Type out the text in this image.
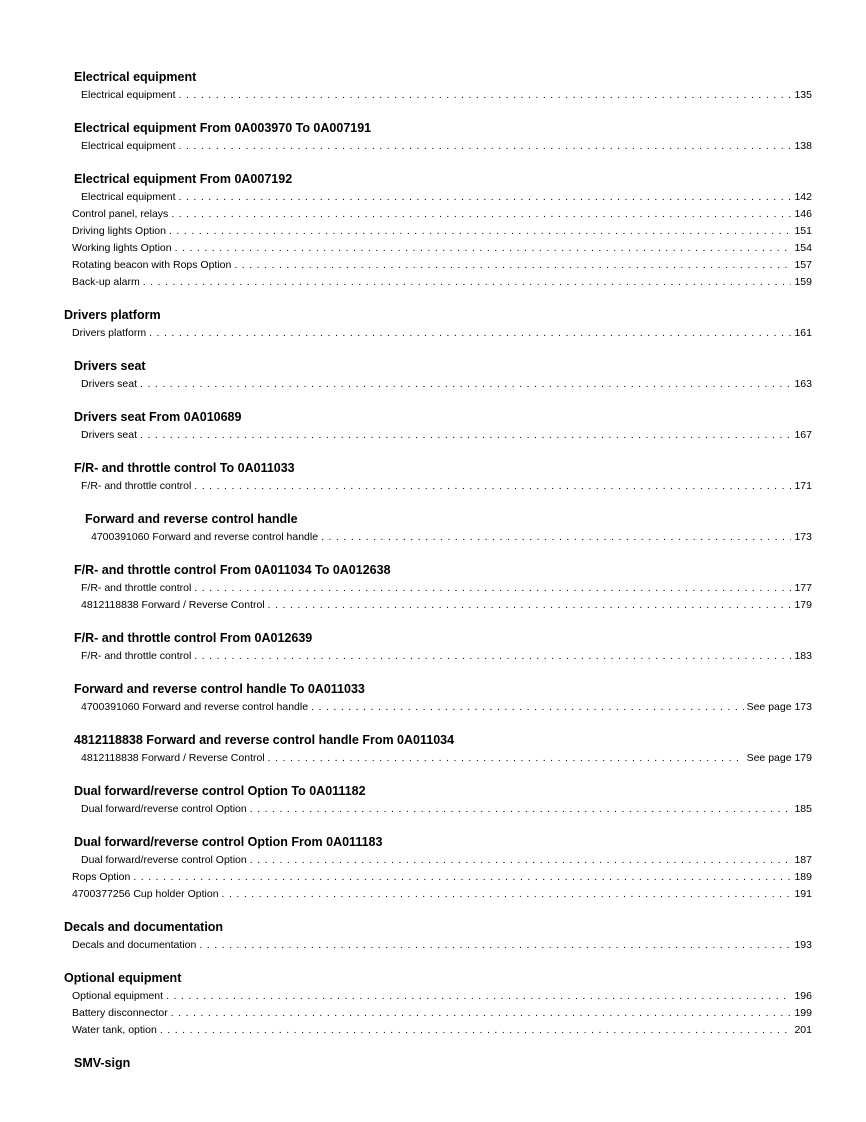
Electrical equipment
Electrical equipment . . .	135
Electrical equipment From 0A003970 To 0A007191
Electrical equipment . . .	138
Electrical equipment From 0A007192
Electrical equipment . . .	142
Control panel, relays . . .	146
Driving lights Option . . .	151
Working lights Option . . .	154
Rotating beacon with Rops Option . . .	157
Back-up alarm . . .	159
Drivers platform
Drivers platform . . .	161
Drivers seat
Drivers seat . . .	163
Drivers seat From 0A010689
Drivers seat . . .	167
F/R- and throttle control To 0A011033
F/R- and throttle control . . .	171
Forward and reverse control handle
4700391060 Forward and reverse control handle . . .	173
F/R- and throttle control From 0A011034 To 0A012638
F/R- and throttle control . . .	177
4812118838 Forward / Reverse Control . . .	179
F/R- and throttle control From 0A012639
F/R- and throttle control . . .	183
Forward and reverse control handle To 0A011033
4700391060 Forward and reverse control handle . . .	See page 173
4812118838 Forward and reverse control handle From 0A011034
4812118838 Forward / Reverse Control . . .	See page 179
Dual forward/reverse control Option To 0A011182
Dual forward/reverse control Option . . .	185
Dual forward/reverse control Option From 0A011183
Dual forward/reverse control Option . . .	187
Rops Option . . .	189
4700377256 Cup holder Option . . .	191
Decals and documentation
Decals and documentation . . .	193
Optional equipment
Optional equipment . . .	196
Battery disconnector . . .	199
Water tank, option . . .	201
SMV-sign
